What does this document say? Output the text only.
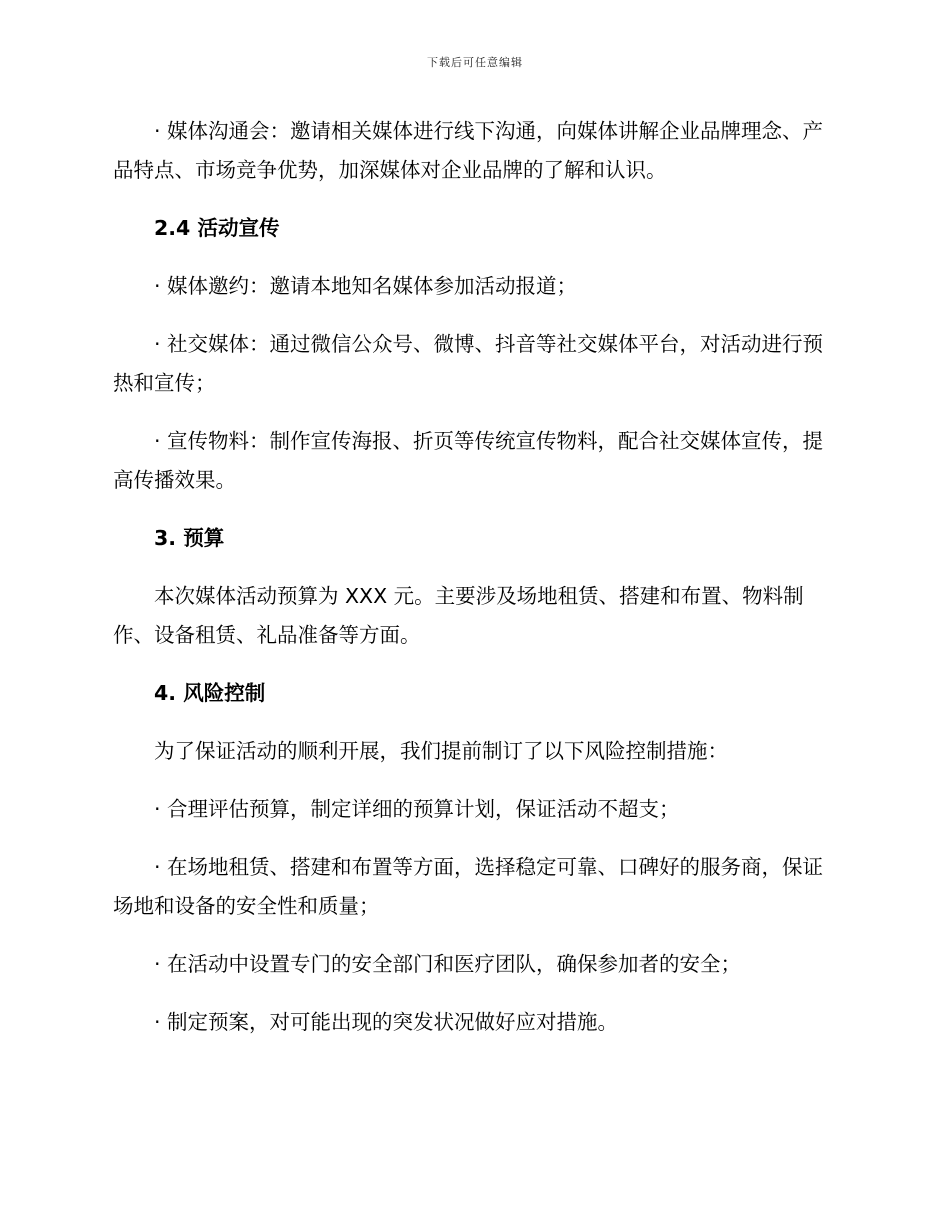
下载后可任意编辑

· 媒体沟通会：邀请相关媒体进行线下沟通，向媒体讲解企业品牌理念、产品特点、市场竞争优势，加深媒体对企业品牌的了解和认识。

2.4 活动宣传

· 媒体邀约：邀请本地知名媒体参加活动报道；

· 社交媒体：通过微信公众号、微博、抖音等社交媒体平台，对活动进行预热和宣传；

· 宣传物料：制作宣传海报、折页等传统宣传物料，配合社交媒体宣传，提高传播效果。

3. 预算

本次媒体活动预算为 XXX 元。主要涉及场地租赁、搭建和布置、物料制作、设备租赁、礼品准备等方面。

4. 风险控制

为了保证活动的顺利开展，我们提前制订了以下风险控制措施：

· 合理评估预算，制定详细的预算计划，保证活动不超支；

· 在场地租赁、搭建和布置等方面，选择稳定可靠、口碑好的服务商，保证场地和设备的安全性和质量；

· 在活动中设置专门的安全部门和医疗团队，确保参加者的安全；

· 制定预案，对可能出现的突发状况做好应对措施。
